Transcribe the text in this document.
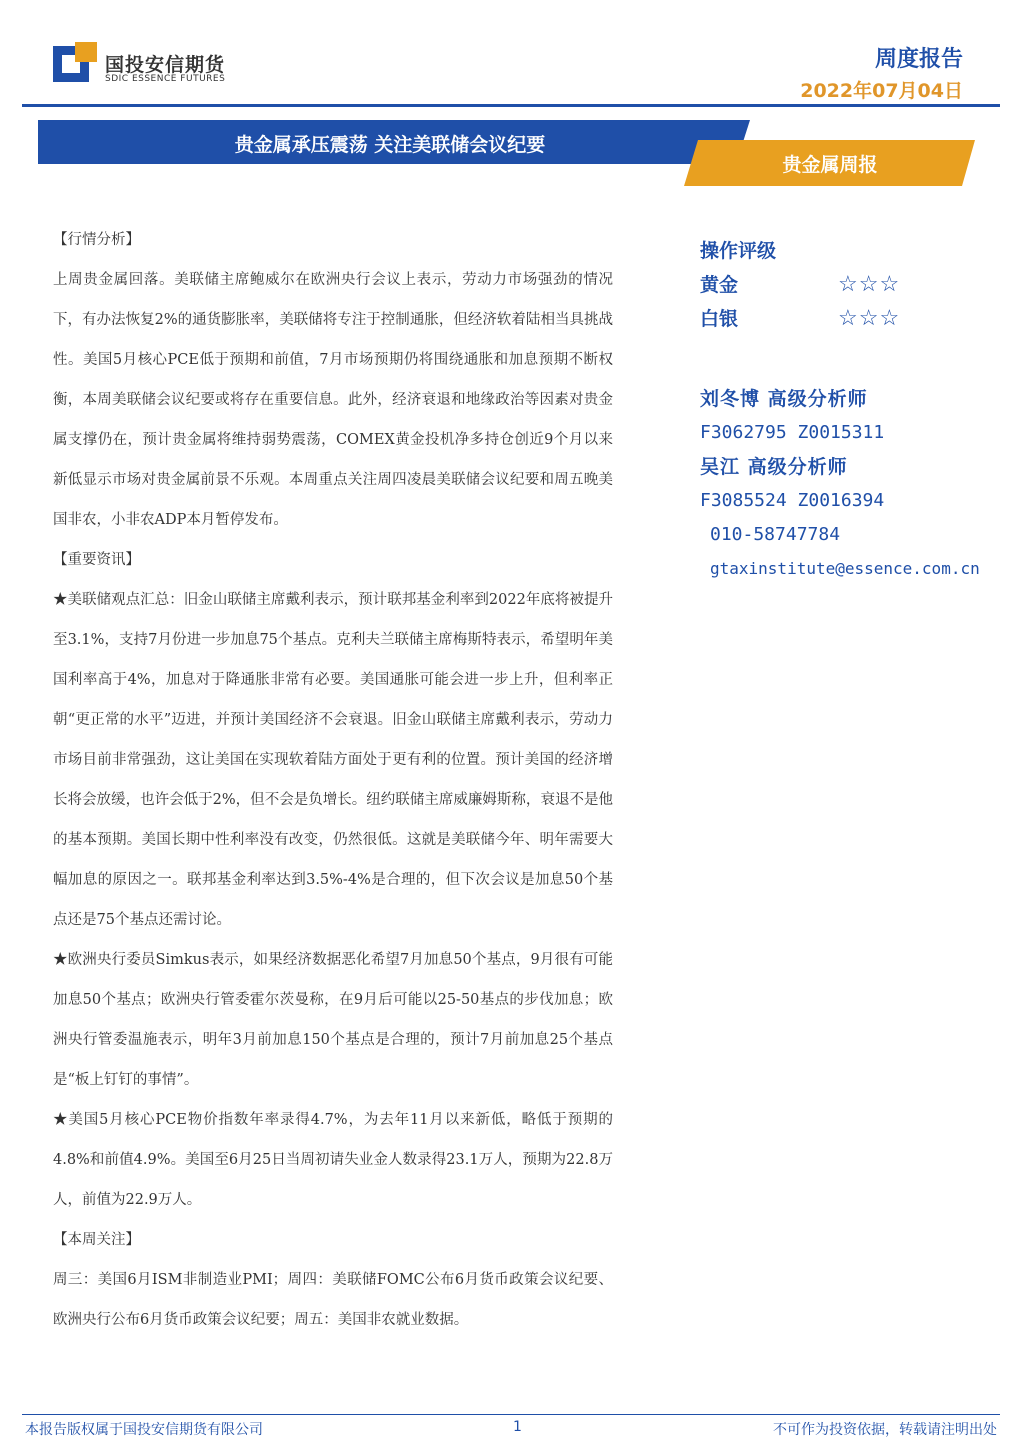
国投安信期货
SDIC ESSENCE FUTURES
周度报告
2022年07月04日
贵金属承压震荡 关注美联储会议纪要
贵金属周报
【行情分析】

上周贵金属回落。美联储主席鲍威尔在欧洲央行会议上表示，劳动力市场强劲的情况下，有办法恢复2%的通货膨胀率，美联储将专注于控制通胀，但经济软着陆相当具挑战性。美国5月核心PCE低于预期和前值，7月市场预期仍将围绕通胀和加息预期不断权衡，本周美联储会议纪要或将存在重要信息。此外，经济衰退和地缘政治等因素对贵金属支撑仍在，预计贵金属将维持弱势震荡，COMEX黄金投机净多持仓创近9个月以来新低显示市场对贵金属前景不乐观。本周重点关注周四凌晨美联储会议纪要和周五晚美国非农，小非农ADP本月暂停发布。

【重要资讯】

★美联储观点汇总：旧金山联储主席戴利表示，预计联邦基金利率到2022年底将被提升至3.1%，支持7月份进一步加息75个基点。克利夫兰联储主席梅斯特表示，希望明年美国利率高于4%，加息对于降通胀非常有必要。美国通胀可能会进一步上升，但利率正朝“更正常的水平”迈进，并预计美国经济不会衰退。旧金山联储主席戴利表示，劳动力市场目前非常强劲，这让美国在实现软着陆方面处于更有利的位置。预计美国的经济增长将会放缓，也许会低于2%，但不会是负增长。纽约联储主席威廉姆斯称，衰退不是他的基本预期。美国长期中性利率没有改变，仍然很低。这就是美联储今年、明年需要大幅加息的原因之一。联邦基金利率达到3.5%-4%是合理的，但下次会议是加息50个基点还是75个基点还需讨论。

★欧洲央行委员Simkus表示，如果经济数据恶化希望7月加息50个基点，9月很有可能加息50个基点；欧洲央行管委霍尔茨曼称，在9月后可能以25-50基点的步伐加息；欧洲央行管委温施表示，明年3月前加息150个基点是合理的，预计7月前加息25个基点是“板上钉钉的事情”。

★美国5月核心PCE物价指数年率录得4.7%，为去年11月以来新低，略低于预期的4.8%和前值4.9%。美国至6月25日当周初请失业金人数录得23.1万人，预期为22.8万人，前值为22.9万人。

【本周关注】

周三：美国6月ISM非制造业PMI；周四：美联储FOMC公布6月货币政策会议纪要、欧洲央行公布6月货币政策会议纪要；周五：美国非农就业数据。

操作评级
黄金	☆☆☆
白银	☆☆☆
刘冬博 高级分析师
F3062795 Z0015311
吴江 高级分析师
F3085524 Z0016394
010-58747784
gtaxinstitute@essence.com.cn
本报告版权属于国投安信期货有限公司	1	不可作为投资依据，转载请注明出处
